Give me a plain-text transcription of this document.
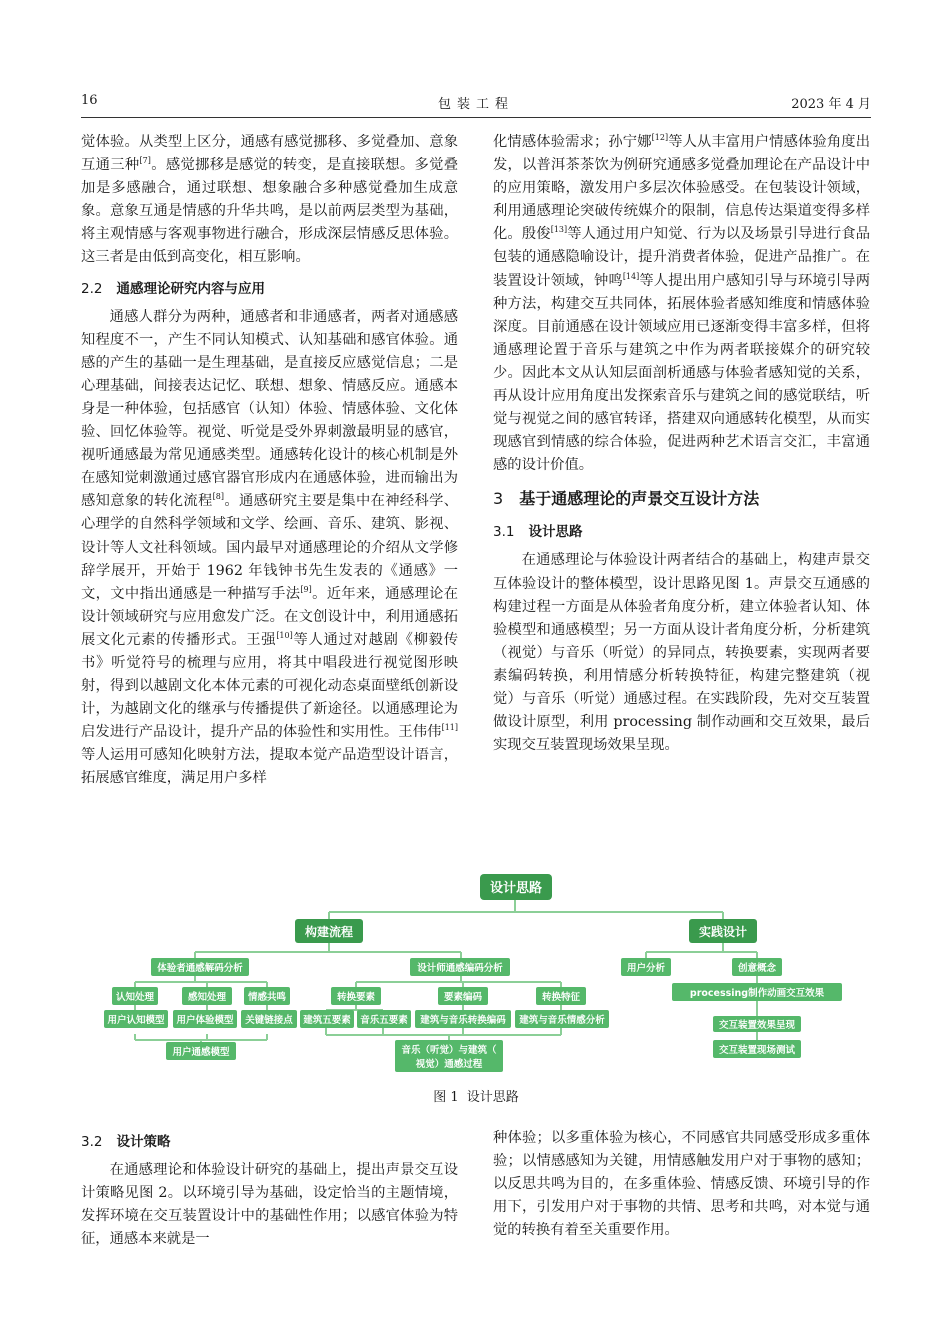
16	包装工程	2023 年 4 月

觉体验。从类型上区分，通感有感觉挪移、多觉叠加、意象互通三种[7]。感觉挪移是感觉的转变，是直接联想。多觉叠加是多感融合，通过联想、想象融合多种感觉叠加生成意象。意象互通是情感的升华共鸣，是以前两层类型为基础，将主观情感与客观事物进行融合，形成深层情感反思体验。这三者是由低到高变化，相互影响。

2.2 通感理论研究内容与应用

通感人群分为两种，通感者和非通感者，两者对通感感知程度不一，产生不同认知模式、认知基础和感官体验。通感的产生的基础一是生理基础，是直接反应感觉信息；二是心理基础，间接表达记忆、联想、想象、情感反应。通感本身是一种体验，包括感官（认知）体验、情感体验、文化体验、回忆体验等。视觉、听觉是受外界刺激最明显的感官，视听通感最为常见通感类型。通感转化设计的核心机制是外在感知觉刺激通过感官器官形成内在通感体验，进而输出为感知意象的转化流程[8]。通感研究主要是集中在神经科学、心理学的自然科学领域和文学、绘画、音乐、建筑、影视、设计等人文社科领域。国内最早对通感理论的介绍从文学修辞学展开，开始于 1962 年钱钟书先生发表的《通感》一文，文中指出通感是一种描写手法[9]。近年来，通感理论在设计领域研究与应用愈发广泛。在文创设计中，利用通感拓展文化元素的传播形式。王强[10]等人通过对越剧《柳毅传书》听觉符号的梳理与应用，将其中唱段进行视觉图形映射，得到以越剧文化本体元素的可视化动态桌面壁纸创新设计，为越剧文化的继承与传播提供了新途径。以通感理论为启发进行产品设计，提升产品的体验性和实用性。王伟伟[11]等人运用可感知化映射方法，提取本觉产品造型设计语言，拓展感官维度，满足用户多样

化情感体验需求；孙宁娜[12]等人从丰富用户情感体验角度出发，以普洱茶茶饮为例研究通感多觉叠加理论在产品设计中的应用策略，激发用户多层次体验感受。在包装设计领域，利用通感理论突破传统媒介的限制，信息传达渠道变得多样化。殷俊[13]等人通过用户知觉、行为以及场景引导进行食品包装的通感隐喻设计，提升消费者体验，促进产品推广。在装置设计领域，钟鸣[14]等人提出用户感知引导与环境引导两种方法，构建交互共同体，拓展体验者感知维度和情感体验深度。目前通感在设计领域应用已逐渐变得丰富多样，但将通感理论置于音乐与建筑之中作为两者联接媒介的研究较少。因此本文从认知层面剖析通感与体验者感知觉的关系，再从设计应用角度出发探索音乐与建筑之间的感觉联结，听觉与视觉之间的感官转译，搭建双向通感转化模型，从而实现感官到情感的综合体验，促进两种艺术语言交汇，丰富通感的设计价值。

3 基于通感理论的声景交互设计方法
3.1 设计思路

在通感理论与体验设计两者结合的基础上，构建声景交互体验设计的整体模型，设计思路见图 1。声景交互通感的构建过程一方面是从体验者角度分析，建立体验者认知、体验模型和通感模型；另一方面从设计者角度分析，分析建筑（视觉）与音乐（听觉）的异同点，转换要素，实现两者要素编码转换，利用情感分析转换特征，构建完整建筑（视觉）与音乐（听觉）通感过程。在实践阶段，先对交互装置做设计原型，利用 processing 制作动画和交互效果，最后实现交互装置现场效果呈现。

设计思路
构建流程	实践设计
体验者通感解码分析	设计师通感编码分析	用户分析	创意概念
认知处理	感知处理 情感共鸣	转换要素	要素编码	转换特征	processing制作动画交互效果
用户认知模型 用户体验模型 关键链接点 建筑五要素 音乐五要素 建筑与音乐转换编码 建筑与音乐情感分析	交互装置效果呈现
用户通感模型	音乐（听觉）与建筑（
视觉）通感过程
交互装置现场测试
图 1 设计思路
3.2 设计策略

在通感理论和体验设计研究的基础上，提出声景交互设计策略见图 2。以环境引导为基础，设定恰当的主题情境，发挥环境在交互装置设计中的基础性作用；以感官体验为特征，通感本来就是一

种体验；以多重体验为核心，不同感官共同感受形成多重体验；以情感感知为关键，用情感触发用户对于事物的感知；以反思共鸣为目的，在多重体验、情感反馈、环境引导的作用下，引发用户对于事物的共情、思考和共鸣，对本觉与通觉的转换有着至关重要作用。
